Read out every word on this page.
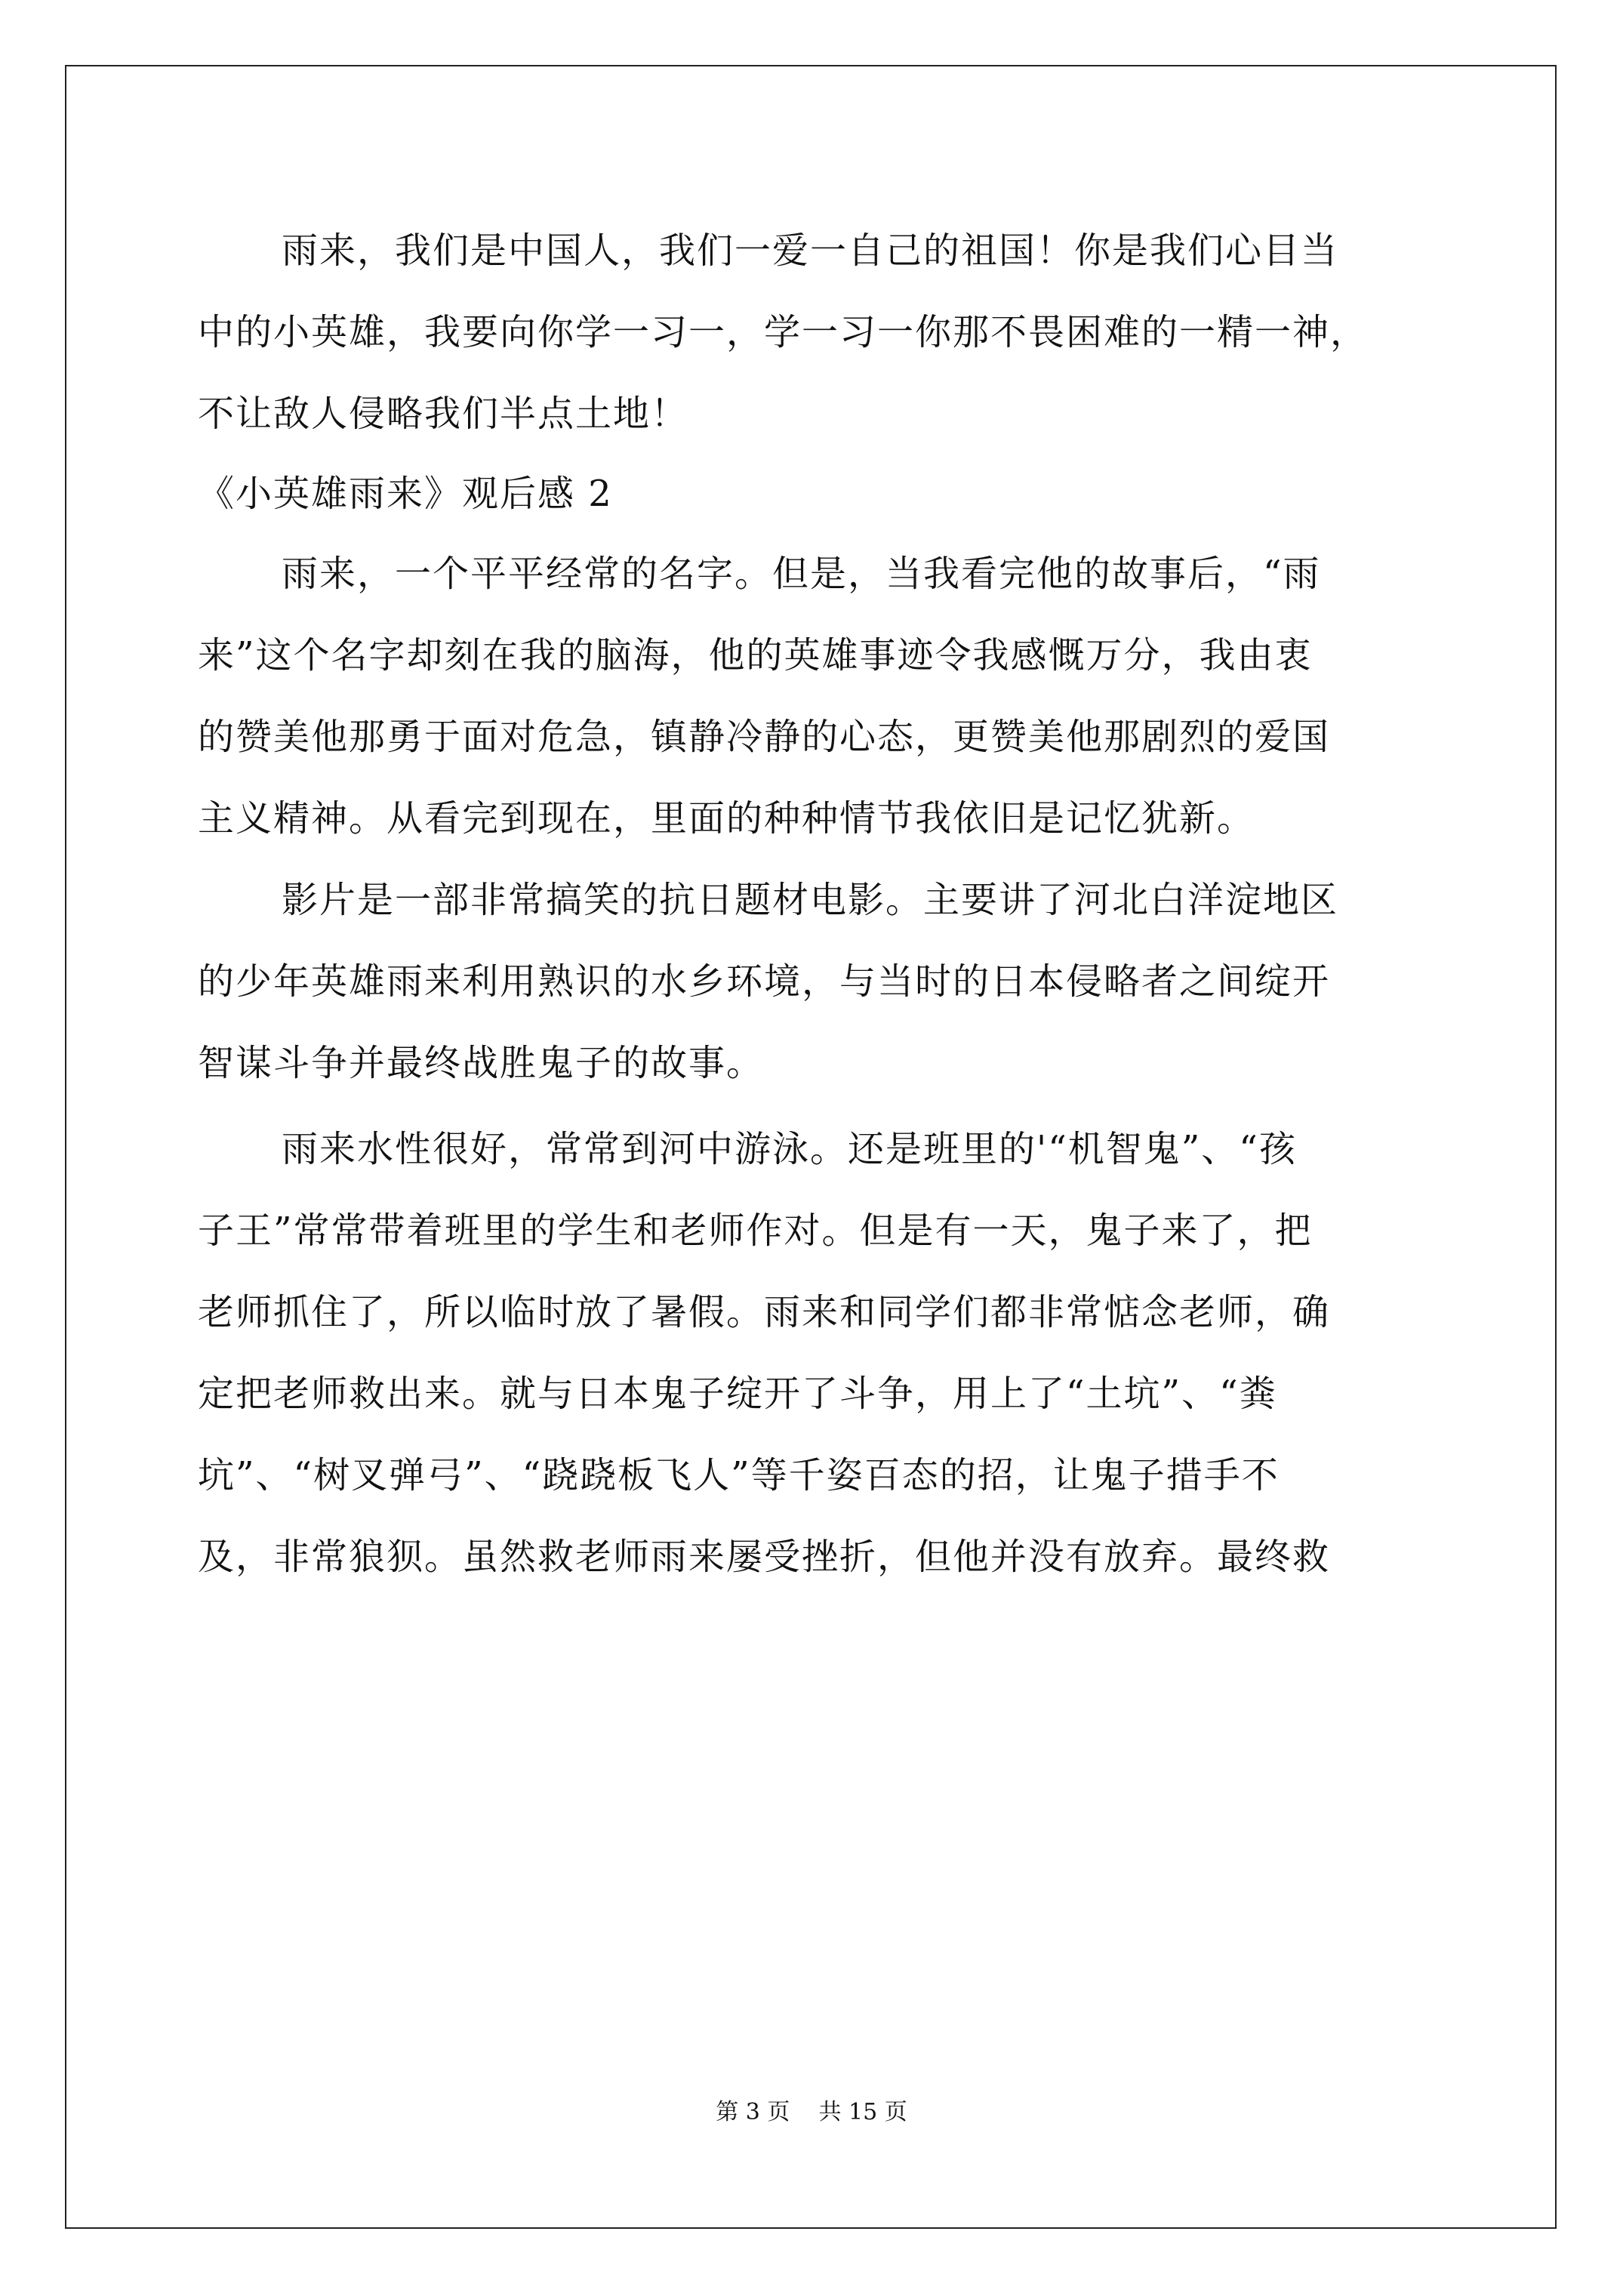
雨来，我们是中国人，我们一爱一自己的祖国！你是我们心目当
中的小英雄，我要向你学一习一，学一习一你那不畏困难的一精一神，
不让敌人侵略我们半点土地！
《小英雄雨来》观后感 2
雨来，一个平平经常的名字。但是，当我看完他的故事后，“雨
来”这个名字却刻在我的脑海，他的英雄事迹令我感慨万分，我由衷
的赞美他那勇于面对危急，镇静冷静的心态，更赞美他那剧烈的爱国
主义精神。从看完到现在，里面的种种情节我依旧是记忆犹新。
影片是一部非常搞笑的抗日题材电影。主要讲了河北白洋淀地区
的少年英雄雨来利用熟识的水乡环境，与当时的日本侵略者之间绽开
智谋斗争并最终战胜鬼子的故事。
雨来水性很好，常常到河中游泳。还是班里的'“机智鬼”、“孩
子王”常常带着班里的学生和老师作对。但是有一天，鬼子来了，把
老师抓住了，所以临时放了暑假。雨来和同学们都非常惦念老师，确
定把老师救出来。就与日本鬼子绽开了斗争，用上了“土坑”、“粪
坑”、“树叉弹弓”、“跷跷板飞人”等千姿百态的招，让鬼子措手不
及，非常狼狈。虽然救老师雨来屡受挫折，但他并没有放弃。最终救
第 3 页    共 15 页
